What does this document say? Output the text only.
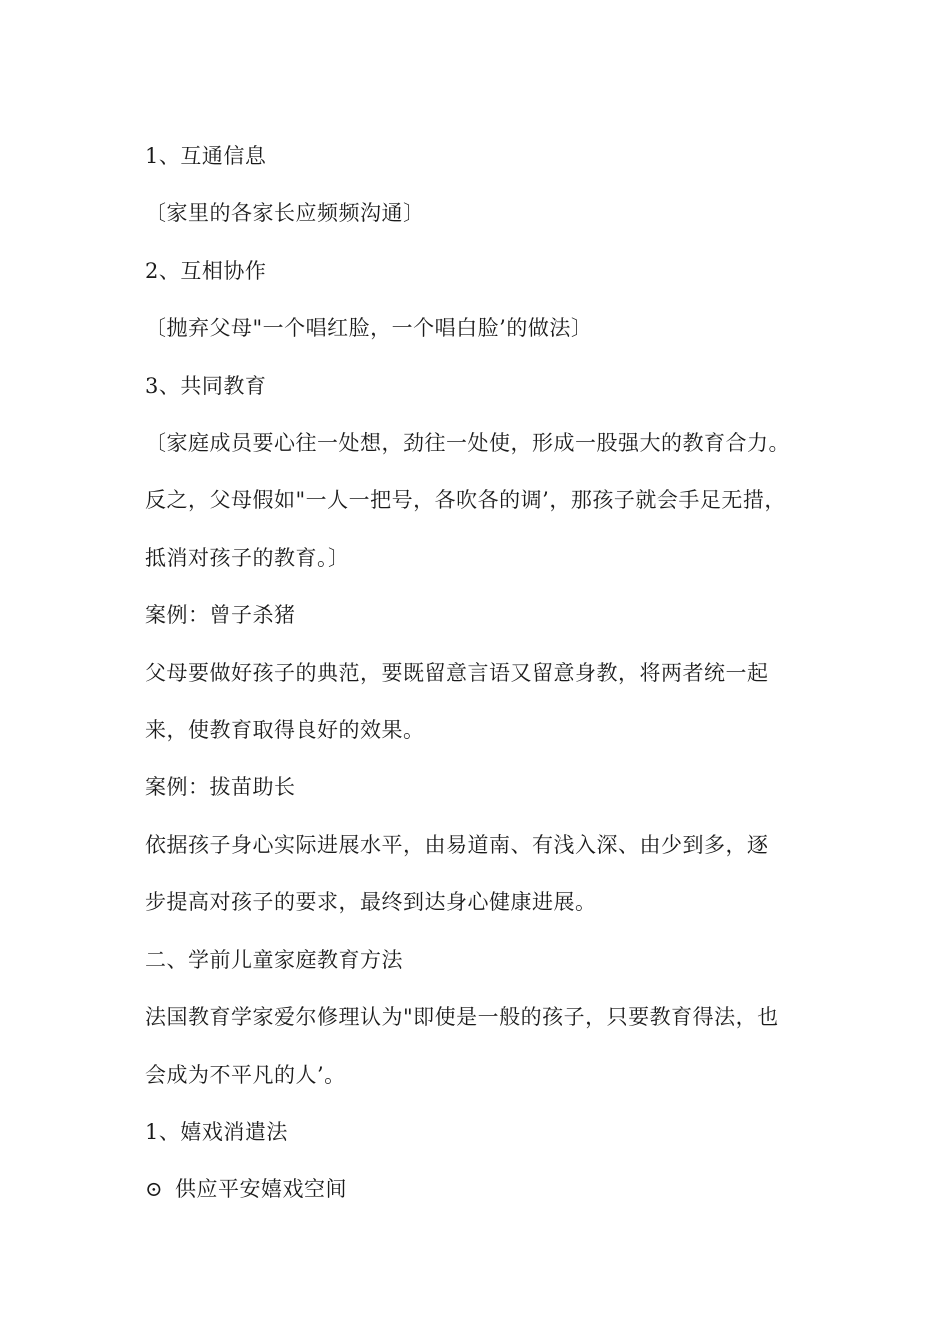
1、互通信息
〔家里的各家长应频频沟通〕
2、互相协作
〔抛弃父母"一个唱红脸，一个唱白脸’的做法〕
3、共同教育
〔家庭成员要心往一处想，劲往一处使，形成一股强大的教育合力。
反之，父母假如"一人一把号，各吹各的调’，那孩子就会手足无措，
抵消对孩子的教育。〕
案例：曾子杀猪
父母要做好孩子的典范，要既留意言语又留意身教，将两者统一起
来，使教育取得良好的效果。
案例：拔苗助长
依据孩子身心实际进展水平，由易道南、有浅入深、由少到多，逐
步提高对孩子的要求，最终到达身心健康进展。
二、学前儿童家庭教育方法
法国教育学家爱尔修理认为"即使是一般的孩子，只要教育得法，也
会成为不平凡的人’。
1、嬉戏消遣法
⊙ 供应平安嬉戏空间
